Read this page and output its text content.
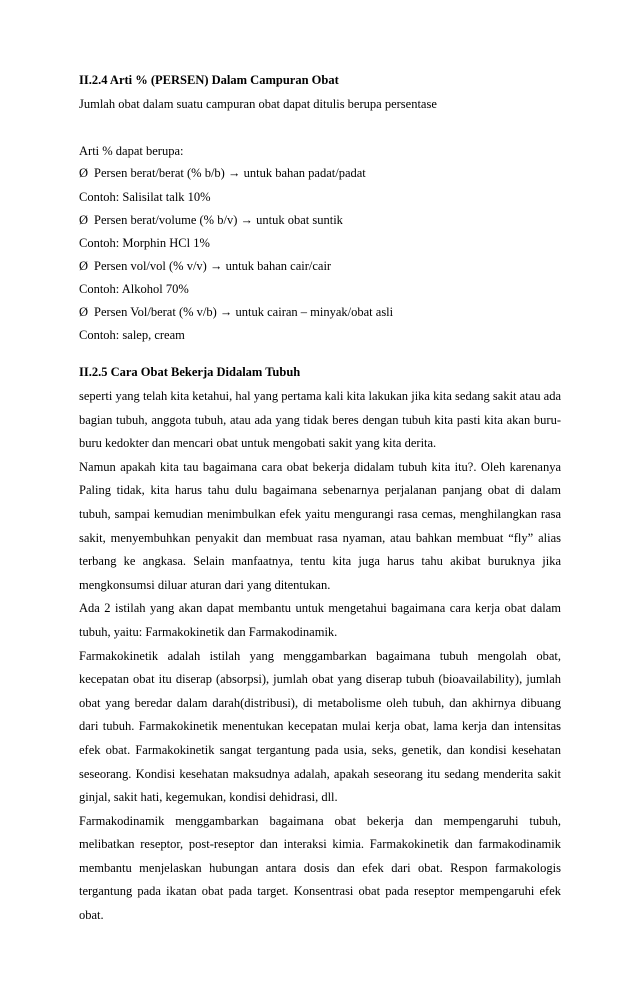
II.2.4 Arti % (PERSEN) Dalam Campuran Obat
Jumlah obat dalam suatu campuran obat dapat ditulis berupa persentase
Arti % dapat berupa:
Ø Persen berat/berat (% b/b) → untuk bahan padat/padat
Contoh: Salisilat talk 10%
Ø Persen berat/volume (% b/v) → untuk obat suntik
Contoh: Morphin HCl 1%
Ø Persen vol/vol (% v/v) → untuk bahan cair/cair
Contoh: Alkohol 70%
Ø Persen Vol/berat (% v/b) → untuk cairan – minyak/obat asli
Contoh: salep, cream
II.2.5 Cara Obat Bekerja Didalam Tubuh

seperti yang telah kita ketahui, hal yang pertama kali kita lakukan jika kita sedang sakit atau ada bagian tubuh, anggota tubuh, atau ada yang tidak beres dengan tubuh kita pasti kita akan buru-buru kedokter dan mencari obat untuk mengobati sakit yang kita derita.

Namun apakah kita tau bagaimana cara obat bekerja didalam tubuh kita itu?. Oleh karenanya Paling tidak, kita harus tahu dulu bagaimana sebenarnya perjalanan panjang obat di dalam tubuh, sampai kemudian menimbulkan efek yaitu mengurangi rasa cemas, menghilangkan rasa sakit, menyembuhkan penyakit dan membuat rasa nyaman, atau bahkan membuat “fly” alias terbang ke angkasa. Selain manfaatnya, tentu kita juga harus tahu akibat buruknya jika mengkonsumsi diluar aturan dari yang ditentukan.

Ada 2 istilah yang akan dapat membantu untuk mengetahui bagaimana cara kerja obat dalam tubuh, yaitu: Farmakokinetik dan Farmakodinamik.

Farmakokinetik adalah istilah yang menggambarkan bagaimana tubuh mengolah obat, kecepatan obat itu diserap (absorpsi), jumlah obat yang diserap tubuh (bioavailability), jumlah obat yang beredar dalam darah(distribusi), di metabolisme oleh tubuh, dan akhirnya dibuang dari tubuh. Farmakokinetik menentukan kecepatan mulai kerja obat, lama kerja dan intensitas efek obat. Farmakokinetik sangat tergantung pada usia, seks, genetik, dan kondisi kesehatan seseorang. Kondisi kesehatan maksudnya adalah, apakah seseorang itu sedang menderita sakit ginjal, sakit hati, kegemukan, kondisi dehidrasi, dll.

Farmakodinamik menggambarkan bagaimana obat bekerja dan mempengaruhi tubuh, melibatkan reseptor, post-reseptor dan interaksi kimia. Farmakokinetik dan farmakodinamik membantu menjelaskan hubungan antara dosis dan efek dari obat. Respon farmakologis tergantung pada ikatan obat pada target. Konsentrasi obat pada reseptor mempengaruhi efek obat.
